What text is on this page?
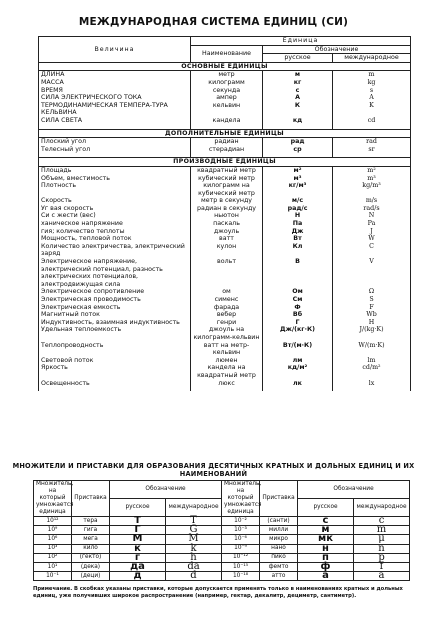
МЕЖДУНАРОДНАЯ СИСТЕМА ЕДИНИЦ (СИ)
Величина	Единица		
	Наименование	Обозначение	
		русское	международное
ОСНОВНЫЕ ЕДИНИЦЫ			
ДЛИНА	метр	м	m
МАССА	килограмм	кг	kg
ВРЕМЯ	секунда	с	s
СИЛА ЭЛЕКТРИЧЕСКОГО ТОКА	ампер	А	A
ТЕРМОДИНАМИЧЕСКАЯ ТЕМПЕРА-ТУРА КЕЛЬВИНА	кельвин	К	K
СИЛА СВЕТА	кандела	кд	cd

ДОПОЛНИТЕЛЬНЫЕ ЕДИНИЦЫ			
Плоский угол	радиан	рад	rad
Телесный угол	стерадиан	ср	sr

ПРОИЗВОДНЫЕ ЕДИНИЦЫ			
Площадь	квадратный метр	м²	m²
Объем, вместимость	кубический метр	м³	m³
Плотность	килограмм на кубический метр	кг/м³	kg/m³
Скорость	метр в секунду	м/с	m/s
Уг вая скорость	радиан в секунду	рад/с	rad/s
Си с жести (вес)	ньютон	Н	N
ханическое напряжение	паскаль	Па	Pa
гия; количество теплоты	джоуль	Дж	J
Мощность, тепловой поток	ватт	Вт	W
Количество электричества, электрический заряд	кулон	Кл	C
Электрическое напряжение, электрический потенциал, разность электрических потенциалов, электродвижущая сила	вольт	В	V
Электрическое сопротивление	ом	Ом	Ω
Электрическая проводимость	сименс	См	S
Электрическая емкость	фарада	Ф	F
Магнитный поток	вебер	Вб	Wb
Индуктивность, взаимная индуктивность	генри	Г	H
Удельная теплоемкость	джоуль на килограмм-кельвин	Дж/(кг·К)	J/(kg·K)
Теплопроводность	ватт на метр-кельвин	Вт/(м·К)	W/(m·K)
Световой поток	люмен	лм	lm
Яркость	кандела на квадратный метр	кд/м²	cd/m²
Освещенность	люкс	лк	lx

МНОЖИТЕЛИ И ПРИСТАВКИ ДЛЯ ОБРАЗОВАНИЯ ДЕСЯТИЧНЫХ КРАТНЫХ И ДОЛЬНЫХ ЕДИНИЦ И ИХ НАИМЕНОВАНИЙ
Множитель, на который умножается единица	Приставка	Обозначение		Множитель, на который умножается единица	Приставка	Обозначение	
		русское	международное			русское	международное
10¹²	тера	Т	T	10⁻²	(санти)	с	c
10⁹	гига	Г	G	10⁻³	милли	м	m
10⁶	мега	М	M	10⁻⁶	микро	мк	μ
10³	кило	к	k	10⁻⁹	нано	н	n
10²	(гекто)	г	h	10⁻¹²	пико	п	p
10¹	(дека)	да	da	10⁻¹⁵	фемто	ф	f
10⁻¹	(деци)	д	d	10⁻¹⁸	атто	а	a
Примечание. В скобках указаны приставки, которые допускается применять только в наименованиях кратных и дольных единиц, уже получивших широкое распространение (например, гектар, декалитр, дециметр, сантиметр).
